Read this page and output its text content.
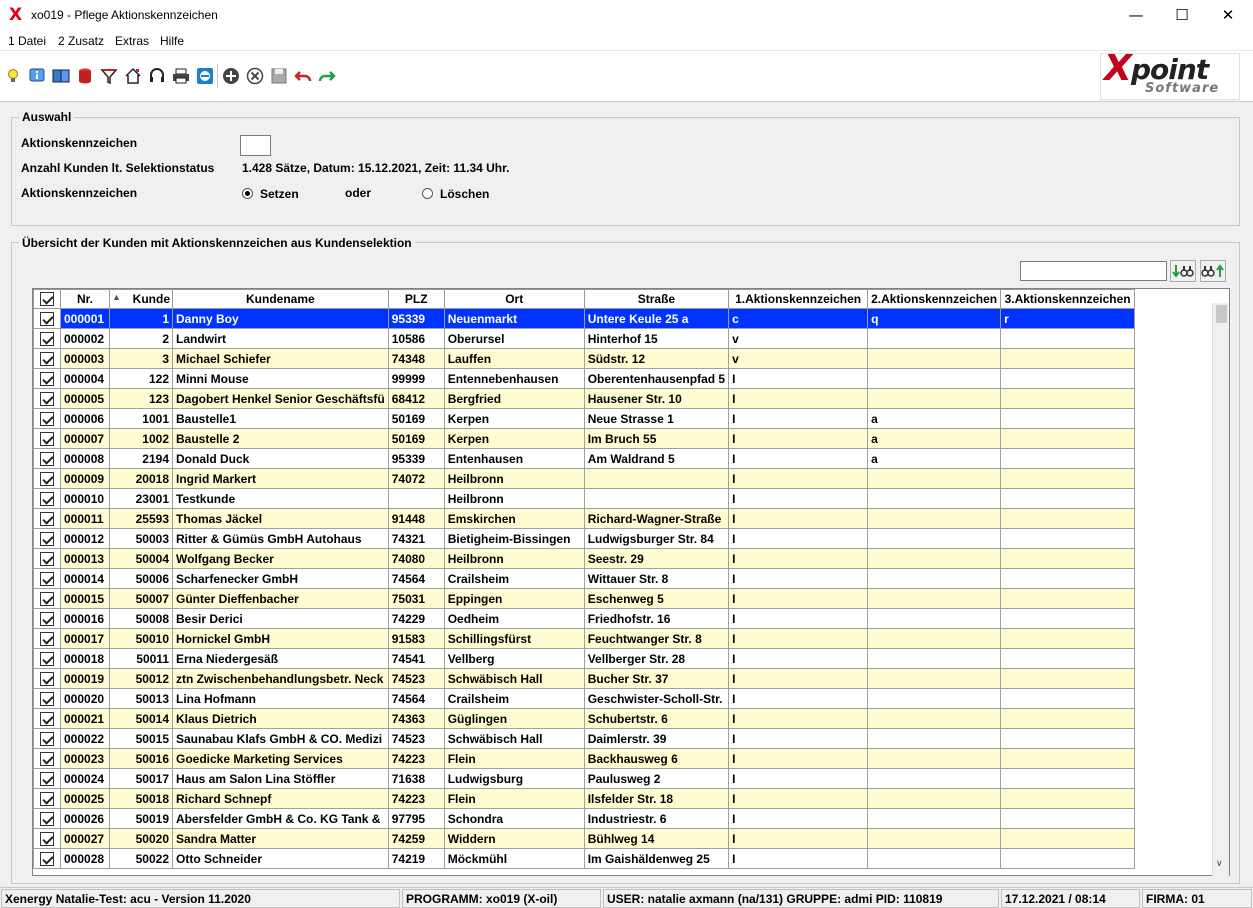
X xo019 - Pflege Aktionskennzeichen	—	☐	✕
1 Datei 2 Zusatz Extras Hilfe
X point
Software
Auswahl
Aktionskennzeichen
Anzahl Kunden lt. Selektionstatus 1.428 Sätze, Datum: 15.12.2021, Zeit: 11.34 Uhr.
Aktionskennzeichen	Setzen	oder	Löschen
Übersicht der Kunden mit Aktionskennzeichen aus Kundenselektion
	Nr.	▲ Kunde	Kundename	PLZ	Ort	Straße	1.Aktionskennzeichen	2.Aktionskennzeichen	3.Aktionskennzeichen
	000001	1	Danny Boy	95339	Neuenmarkt	Untere Keule 25 a	c	q	r
	000002	2	Landwirt	10586	Oberursel	Hinterhof 15	v		
	000003	3	Michael Schiefer	74348	Lauffen	Südstr. 12	v		
	000004	122	Minni Mouse	99999	Entennebenhausen	Oberentenhausenpfad 5	I		
	000005	123	Dagobert Henkel Senior Geschäftsfü	68412	Bergfried	Hausener Str. 10	I		
	000006	1001	Baustelle1	50169	Kerpen	Neue Strasse 1	I	a	
	000007	1002	Baustelle 2	50169	Kerpen	Im Bruch 55	I	a	
	000008	2194	Donald Duck	95339	Entenhausen	Am Waldrand 5	I	a	
	000009	20018	Ingrid Markert	74072	Heilbronn		I		
	000010	23001	Testkunde		Heilbronn		I		
	000011	25593	Thomas Jäckel	91448	Emskirchen	Richard-Wagner-Straße	I		
	000012	50003	Ritter & Gümüs GmbH Autohaus	74321	Bietigheim-Bissingen	Ludwigsburger Str. 84	I		
	000013	50004	Wolfgang Becker	74080	Heilbronn	Seestr. 29	I		
	000014	50006	Scharfenecker GmbH	74564	Crailsheim	Wittauer Str. 8	I		
	000015	50007	Günter Dieffenbacher	75031	Eppingen	Eschenweg 5	I		
	000016	50008	Besir Derici	74229	Oedheim	Friedhofstr. 16	I		
	000017	50010	Hornickel GmbH	91583	Schillingsfürst	Feuchtwanger Str. 8	I		
	000018	50011	Erna Niedergesäß	74541	Vellberg	Vellberger Str. 28	I		
	000019	50012	ztn Zwischenbehandlungsbetr. Neck	74523	Schwäbisch Hall	Bucher Str. 37	I		
	000020	50013	Lina Hofmann	74564	Crailsheim	Geschwister-Scholl-Str.	I		
	000021	50014	Klaus Dietrich	74363	Güglingen	Schubertstr. 6	I		
	000022	50015	Saunabau Klafs GmbH & CO. Medizi	74523	Schwäbisch Hall	Daimlerstr. 39	I		
	000023	50016	Goedicke Marketing Services	74223	Flein	Backhausweg 6	I		
	000024	50017	Haus am Salon Lina Stöffler	71638	Ludwigsburg	Paulusweg 2	I		
	000025	50018	Richard Schnepf	74223	Flein	Ilsfelder Str. 18	I		
	000026	50019	Abersfelder GmbH & Co. KG Tank &	97795	Schondra	Industriestr. 6	I		
	000027	50020	Sandra Matter	74259	Widdern	Bühlweg 14	I		
	000028	50022	Otto Schneider	74219	Möckmühl	Im Gaishäldenweg 25	I			∨
Xenergy Natalie-Test: acu - Version 11.2020	PROGRAMM: xo019 (X-oil)	USER: natalie axmann (na/131) GRUPPE: admi PID: 110819	17.12.2021 / 08:14	FIRMA: 01
